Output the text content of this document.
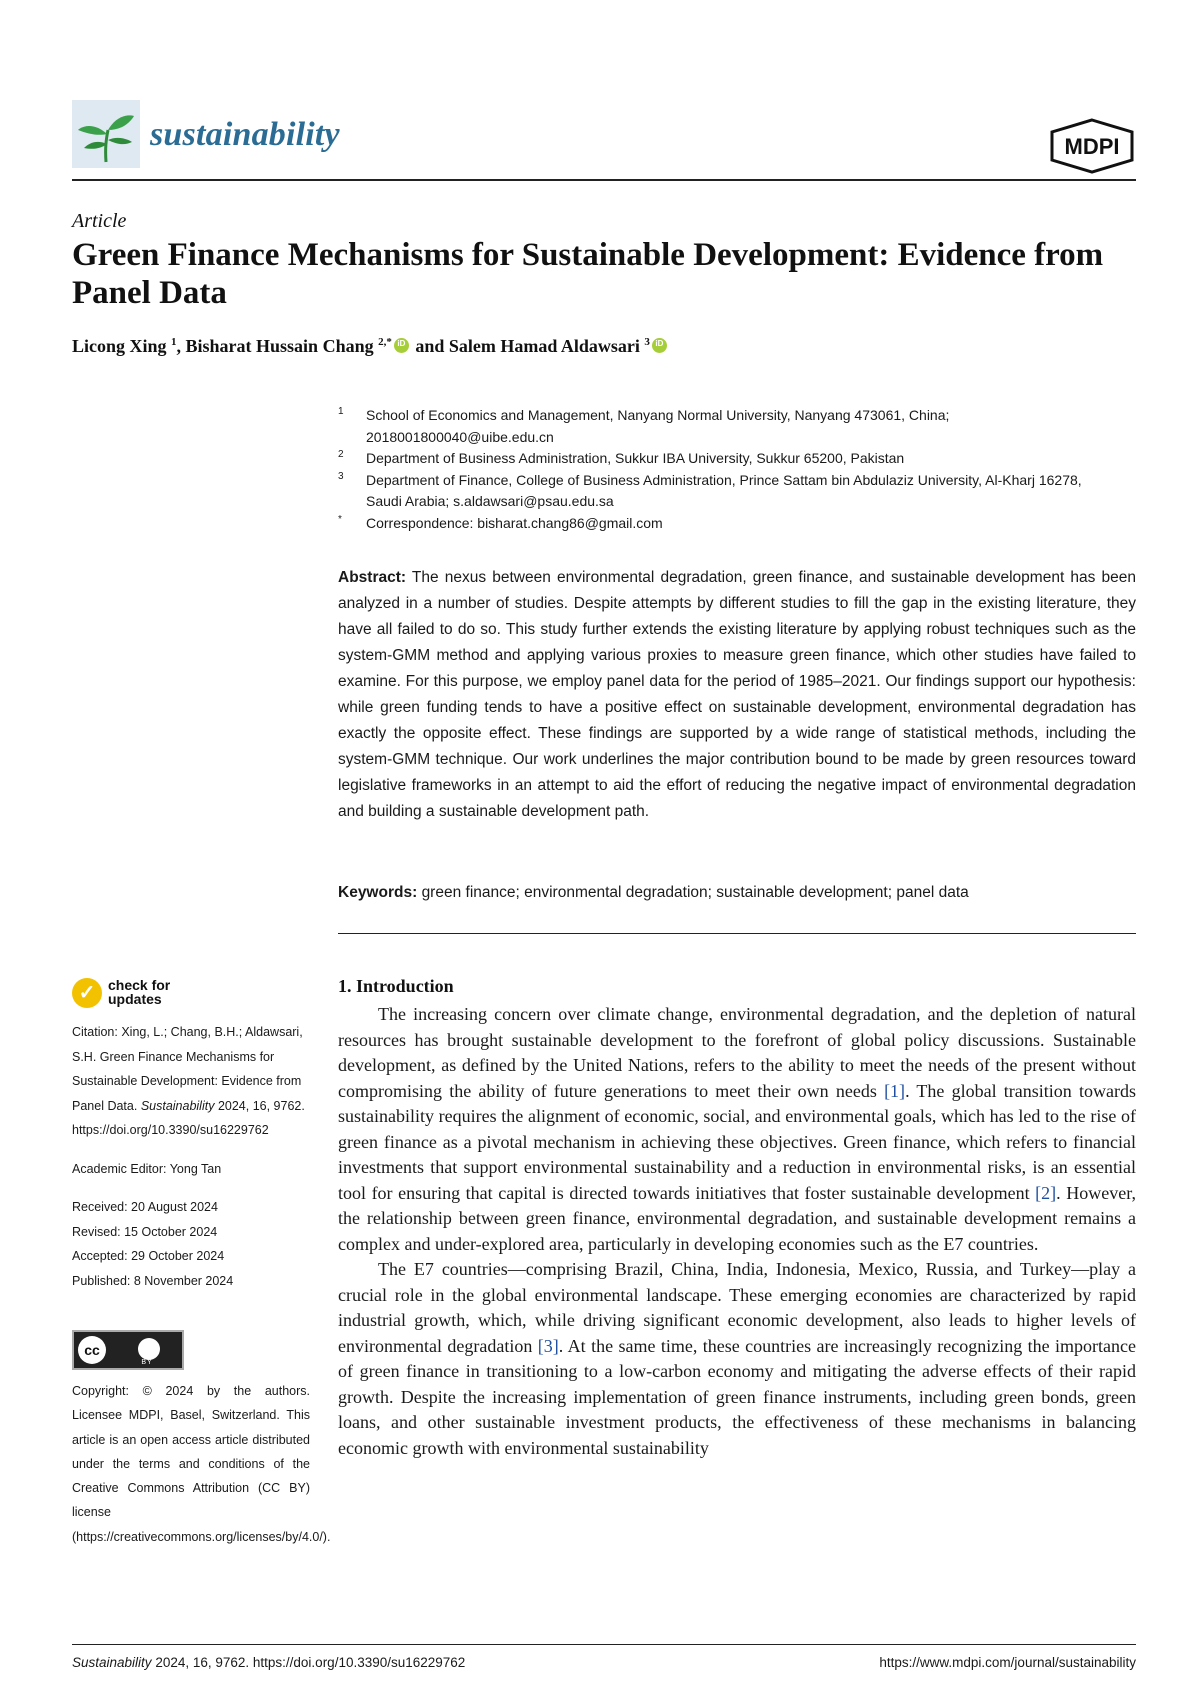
sustainability	MDPI
Article
Green Finance Mechanisms for Sustainable Development: Evidence from Panel Data
Licong Xing $^1$, Bisharat Hussain Chang $^{2,*}$iD and Salem Hamad Aldawsari $^3$iD
1 School of Economics and Management, Nanyang Normal University, Nanyang 473061, China; 2018001800040@uibe.edu.cn
2 Department of Business Administration, Sukkur IBA University, Sukkur 65200, Pakistan
3 Department of Finance, College of Business Administration, Prince Sattam bin Abdulaziz University, Al-Kharj 16278, Saudi Arabia; s.aldawsari@psau.edu.sa
* Correspondence: bisharat.chang86@gmail.com
Abstract: The nexus between environmental degradation, green finance, and sustainable development has been analyzed in a number of studies. Despite attempts by different studies to fill the gap in the existing literature, they have all failed to do so. This study further extends the existing literature by applying robust techniques such as the system-GMM method and applying various proxies to measure green finance, which other studies have failed to examine. For this purpose, we employ panel data for the period of 1985–2021. Our findings support our hypothesis: while green funding tends to have a positive effect on sustainable development, environmental degradation has exactly the opposite effect. These findings are supported by a wide range of statistical methods, including the system-GMM technique. Our work underlines the major contribution bound to be made by green resources toward legislative frameworks in an attempt to aid the effort of reducing the negative impact of environmental degradation and building a sustainable development path.
Keywords: green finance; environmental degradation; sustainable development; panel data
✓
check for updates

Citation: Xing, L.; Chang, B.H.; Aldawsari, S.H. Green Finance Mechanisms for Sustainable Development: Evidence from Panel Data. Sustainability 2024, 16, 9762. https://doi.org/10.3390/su16229762

Academic Editor: Yong Tan

Received: 20 August 2024

Revised: 15 October 2024

Accepted: 29 October 2024

Published: 8 November 2024

cc
BY
Copyright: © 2024 by the authors. Licensee MDPI, Basel, Switzerland. This article is an open access article distributed under the terms and conditions of the Creative Commons Attribution (CC BY) license (https://creativecommons.org/licenses/by/4.0/).
1. Introduction

The increasing concern over climate change, environmental degradation, and the depletion of natural resources has brought sustainable development to the forefront of global policy discussions. Sustainable development, as defined by the United Nations, refers to the ability to meet the needs of the present without compromising the ability of future generations to meet their own needs [1]. The global transition towards sustainability requires the alignment of economic, social, and environmental goals, which has led to the rise of green finance as a pivotal mechanism in achieving these objectives. Green finance, which refers to financial investments that support environmental sustainability and a reduction in environmental risks, is an essential tool for ensuring that capital is directed towards initiatives that foster sustainable development [2]. However, the relationship between green finance, environmental degradation, and sustainable development remains a complex and under-explored area, particularly in developing economies such as the E7 countries.

The E7 countries—comprising Brazil, China, India, Indonesia, Mexico, Russia, and Turkey—play a crucial role in the global environmental landscape. These emerging economies are characterized by rapid industrial growth, which, while driving significant economic development, also leads to higher levels of environmental degradation [3]. At the same time, these countries are increasingly recognizing the importance of green finance in transitioning to a low-carbon economy and mitigating the adverse effects of their rapid growth. Despite the increasing implementation of green finance instruments, including green bonds, green loans, and other sustainable investment products, the effectiveness of these mechanisms in balancing economic growth with environmental sustainability

Sustainability 2024, 16, 9762. https://doi.org/10.3390/su16229762	https://www.mdpi.com/journal/sustainability
